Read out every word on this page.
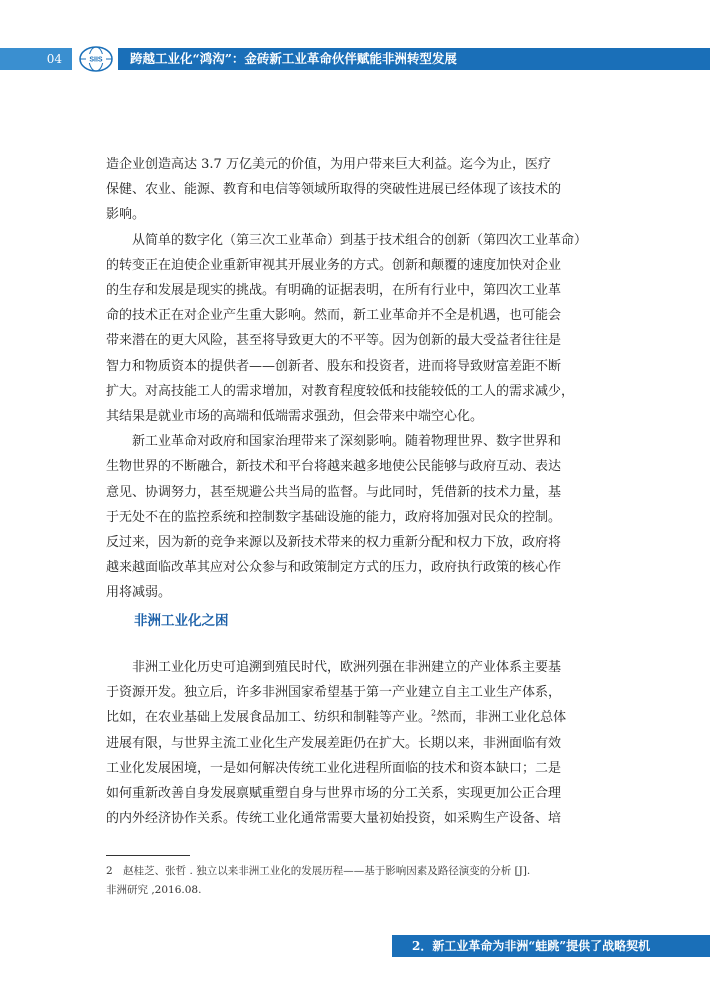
04	SIIS	跨越工业化“鸿沟”：金砖新工业革命伙伴赋能非洲转型发展
造企业创造高达 3.7 万亿美元的价值，为用户带来巨大利益。迄今为止，医疗
保健、农业、能源、教育和电信等领域所取得的突破性进展已经体现了该技术的
影响。
　　从简单的数字化（第三次工业革命）到基于技术组合的创新（第四次工业革命）
的转变正在迫使企业重新审视其开展业务的方式。创新和颠覆的速度加快对企业
的生存和发展是现实的挑战。有明确的证据表明，在所有行业中，第四次工业革
命的技术正在对企业产生重大影响。然而，新工业革命并不全是机遇，也可能会
带来潜在的更大风险，甚至将导致更大的不平等。因为创新的最大受益者往往是
智力和物质资本的提供者——创新者、股东和投资者，进而将导致财富差距不断
扩大。对高技能工人的需求增加，对教育程度较低和技能较低的工人的需求减少，
其结果是就业市场的高端和低端需求强劲，但会带来中端空心化。
　　新工业革命对政府和国家治理带来了深刻影响。随着物理世界、数字世界和
生物世界的不断融合，新技术和平台将越来越多地使公民能够与政府互动、表达
意见、协调努力，甚至规避公共当局的监督。与此同时，凭借新的技术力量，基
于无处不在的监控系统和控制数字基础设施的能力，政府将加强对民众的控制。
反过来，因为新的竞争来源以及新技术带来的权力重新分配和权力下放，政府将
越来越面临改革其应对公众参与和政策制定方式的压力，政府执行政策的核心作
用将减弱。
非洲工业化之困
　　非洲工业化历史可追溯到殖民时代，欧洲列强在非洲建立的产业体系主要基
于资源开发。独立后，许多非洲国家希望基于第一产业建立自主工业生产体系，
比如，在农业基础上发展食品加工、纺织和制鞋等产业。$^2$然而，非洲工业化总体
进展有限，与世界主流工业化生产发展差距仍在扩大。长期以来，非洲面临有效
工业化发展困境，一是如何解决传统工业化进程所面临的技术和资本缺口；二是
如何重新改善自身发展禀赋重塑自身与世界市场的分工关系，实现更加公正合理
的内外经济协作关系。传统工业化通常需要大量初始投资，如采购生产设备、培
2　赵桂芝、张哲 . 独立以来非洲工业化的发展历程——基于影响因素及路径演变的分析 [J].
非洲研究 ,2016.08.
2．新工业革命为非洲“蛙跳”提供了战略契机
